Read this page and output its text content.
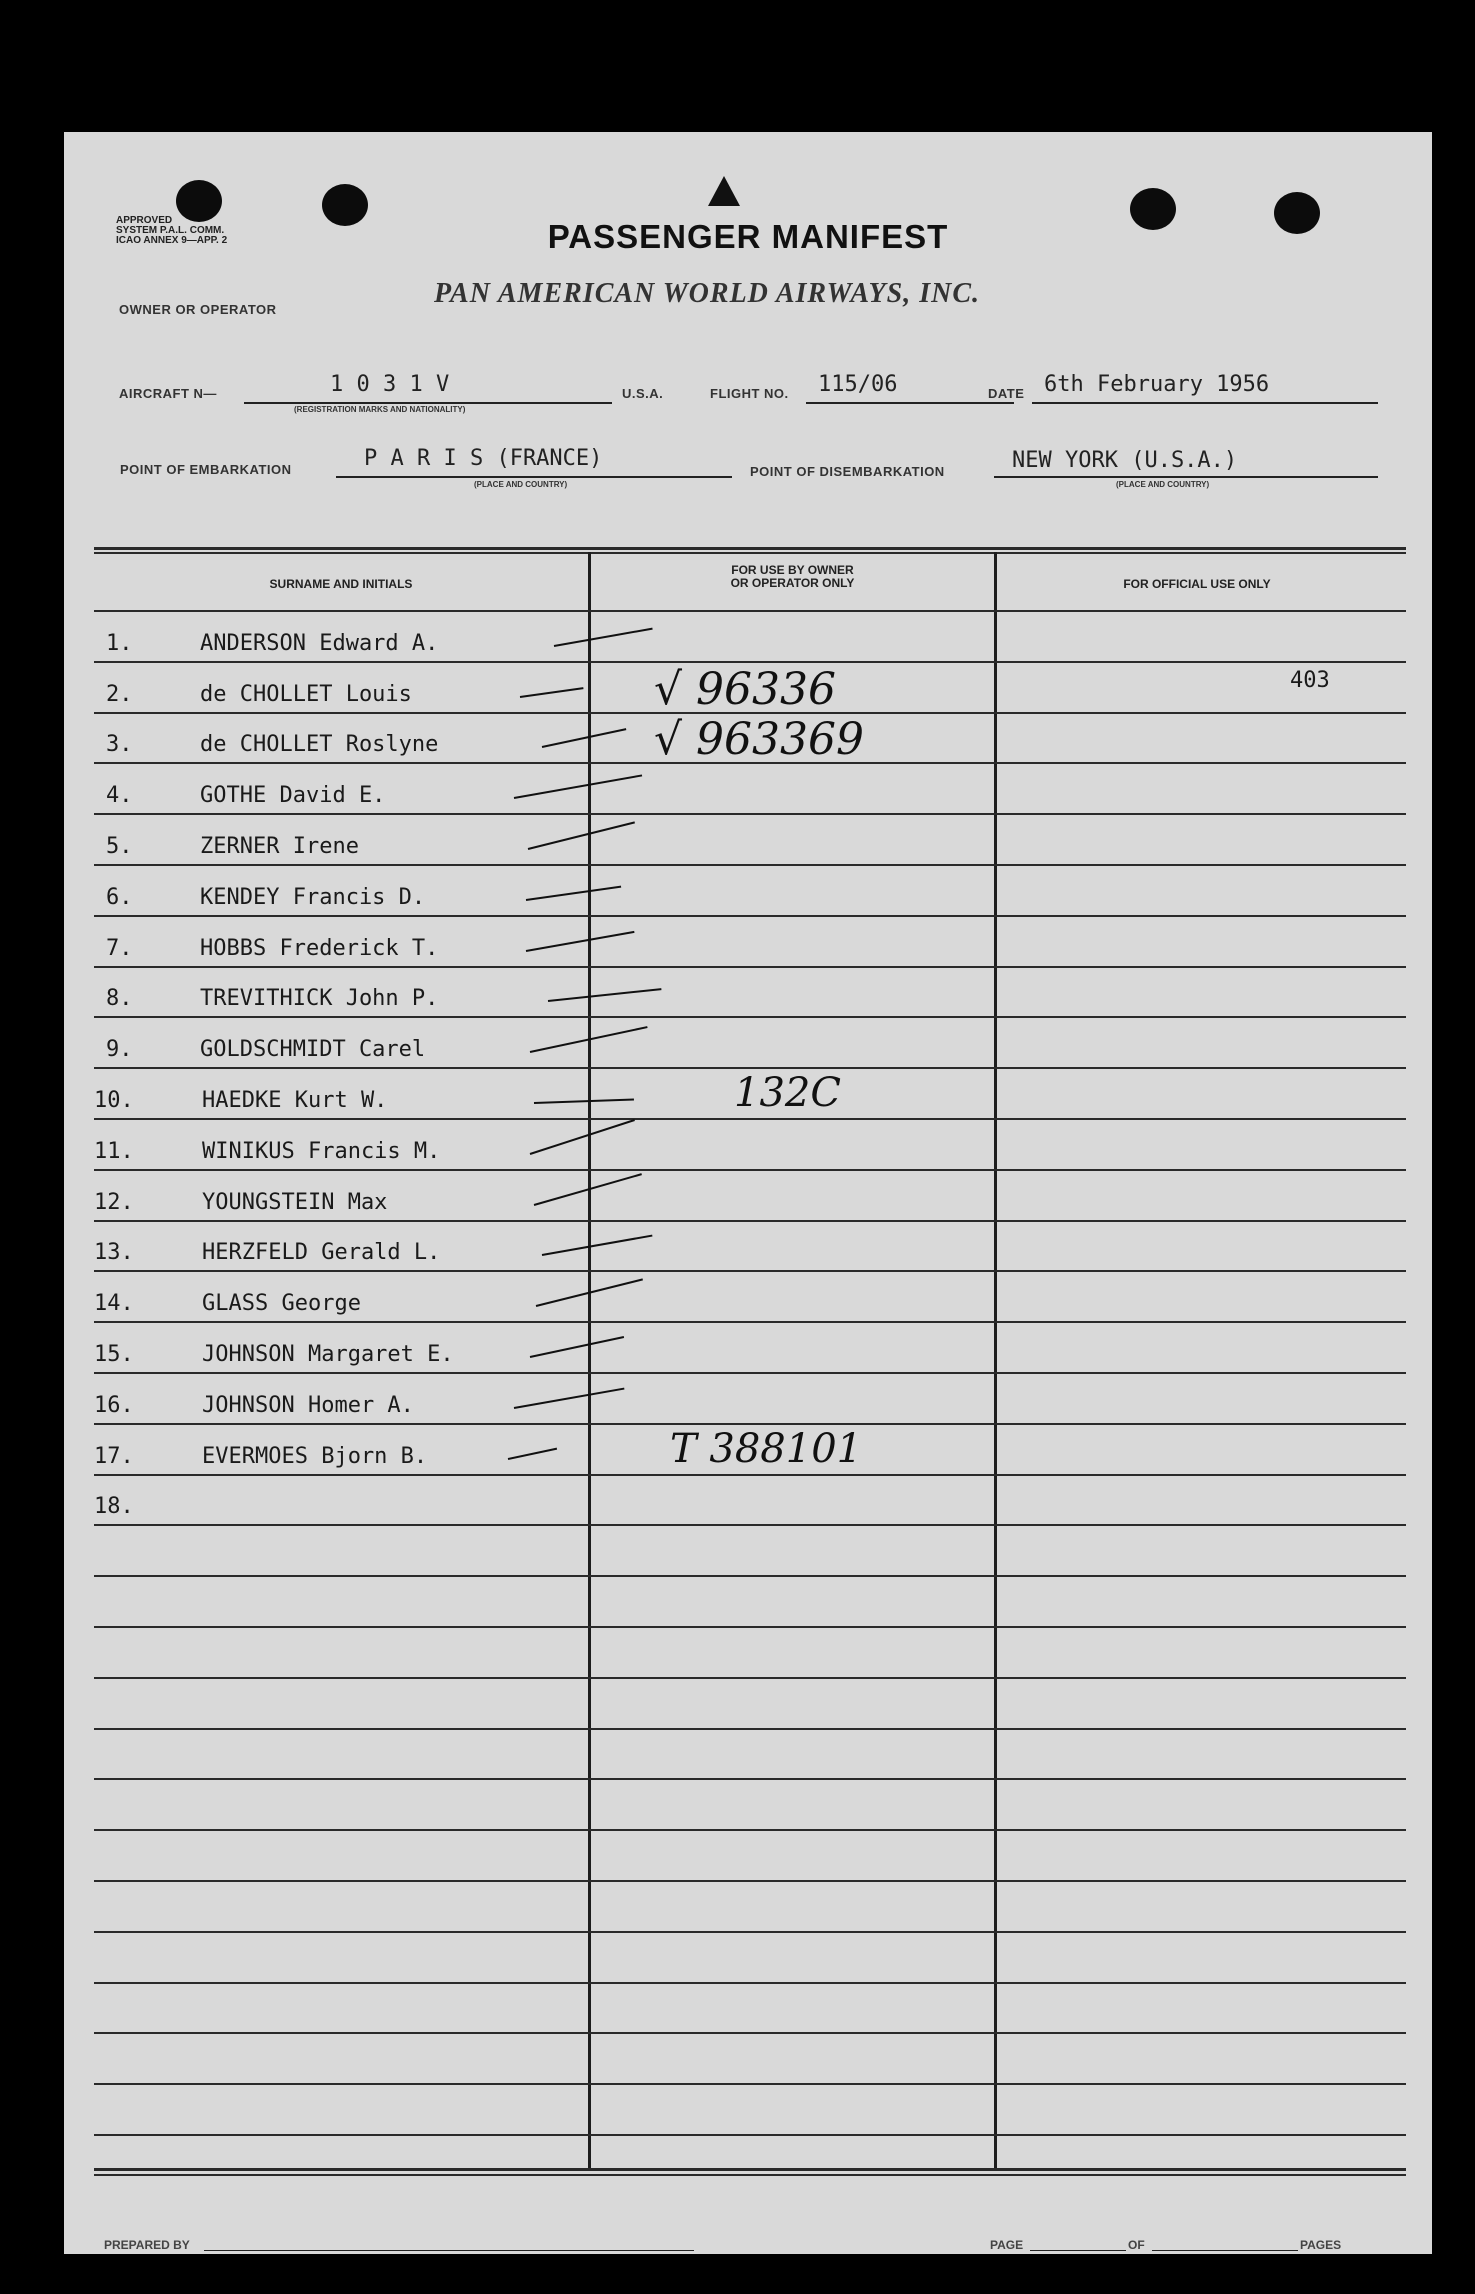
APPROVED
SYSTEM P.A.L. COMM.
ICAO ANNEX 9—APP. 2	PASSENGER MANIFEST
OWNER OR OPERATOR
PAN AMERICAN WORLD AIRWAYS, INC.
AIRCRAFT N—	1 0 3 1 V
(REGISTRATION MARKS AND NATIONALITY)
U.S.A.	FLIGHT NO. 115/06	DATE 6th February 1956
POINT OF EMBARKATION	P A R I S (FRANCE)
(PLACE AND COUNTRY)
POINT OF DISEMBARKATION	NEW YORK (U.S.A.)
(PLACE AND COUNTRY)
SURNAME AND INITIALS
FOR USE BY OWNER
OR OPERATOR ONLY	FOR OFFICIAL USE ONLY
1.	ANDERSON Edward A.
2.	de CHOLLET Louis	√ 96336	403
3.	de CHOLLET Roslyne	√ 963369
4.	GOTHE David E.
5.	ZERNER Irene
6.	KENDEY Francis D.
7.	HOBBS Frederick T.
8.	TREVITHICK John P.
9.	GOLDSCHMIDT Carel
10.	HAEDKE Kurt W.	132C
11.	WINIKUS Francis M.
12.	YOUNGSTEIN Max
13.	HERZFELD Gerald L.
14.	GLASS George
15.	JOHNSON Margaret E.
16.	JOHNSON Homer A.
17.	EVERMOES Bjorn B.	T 388101
18.
PREPARED BY	PAGE	OF	PAGES
